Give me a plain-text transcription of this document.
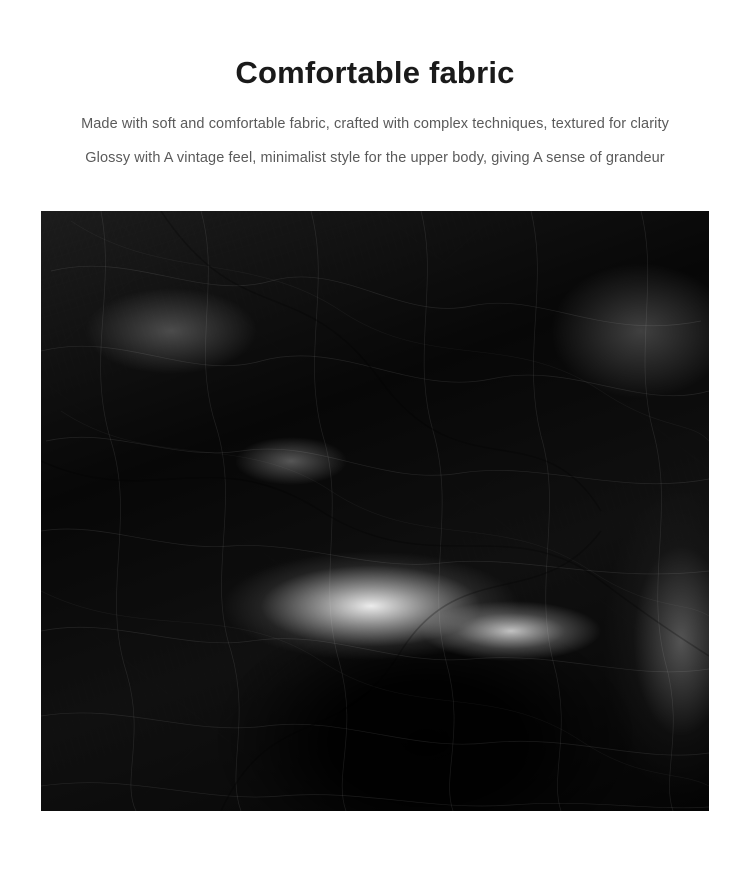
Comfortable fabric
Made with soft and comfortable fabric, crafted with complex techniques, textured for clarity
Glossy with A vintage feel, minimalist style for the upper body, giving A sense of grandeur
